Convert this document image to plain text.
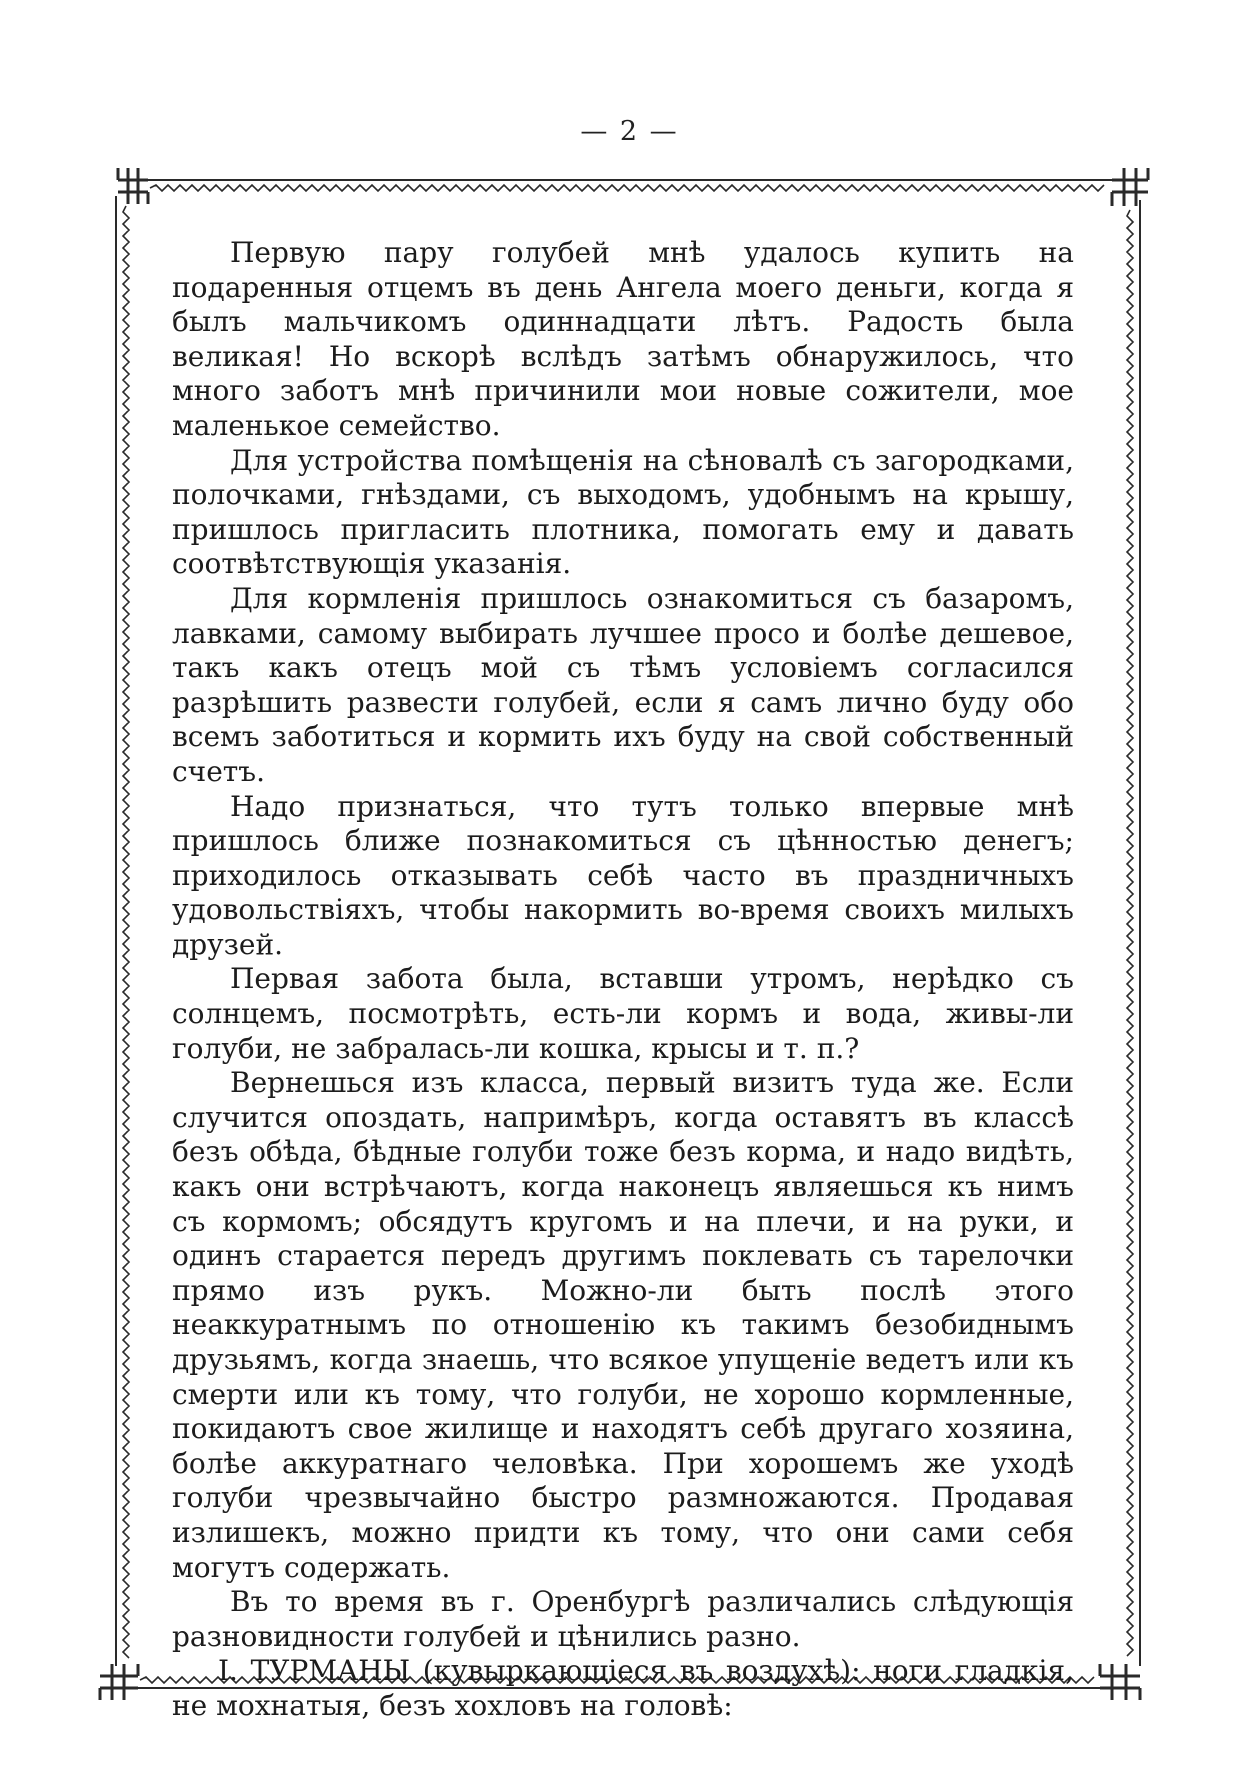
— 2 —

Первую пару голубей мнѣ удалось купить на подаренныя отцемъ въ день Ангела моего деньги, когда я былъ мальчикомъ одиннадцати лѣтъ. Радость была великая! Но вскорѣ вслѣдъ затѣмъ обнаружилось, что много заботъ мнѣ причинили мои новые сожители, мое маленькое семейство.

Для устройства помѣщенія на сѣновалѣ съ загородками, полочками, гнѣздами, съ выходомъ, удобнымъ на крышу, пришлось пригласить плотника, помогать ему и давать соотвѣтствующія указанія.

Для кормленія пришлось ознакомиться съ базаромъ, лавками, самому выбирать лучшее просо и болѣе дешевое, такъ какъ отецъ мой съ тѣмъ условіемъ согласился разрѣшить развести голубей, если я самъ лично буду обо всемъ заботиться и кормить ихъ буду на свой собственный счетъ.

Надо признаться, что тутъ только впервые мнѣ пришлось ближе познакомиться съ цѣнностью денегъ; приходилось отказывать себѣ часто въ праздничныхъ удовольствіяхъ, чтобы накормить во-время своихъ милыхъ друзей.

Первая забота была, вставши утромъ, нерѣдко съ солнцемъ, посмотрѣть, есть-ли кормъ и вода, живы-ли голуби, не забралась-ли кошка, крысы и т. п.?

Вернешься изъ класса, первый визитъ туда же. Если случится опоздать, напримѣръ, когда оставятъ въ классѣ безъ обѣда, бѣдные голуби тоже безъ корма, и надо видѣть, какъ они встрѣчаютъ, когда наконецъ являешься къ нимъ съ кормомъ; обсядутъ кругомъ и на плечи, и на руки, и одинъ старается передъ другимъ поклевать съ тарелочки прямо изъ рукъ. Можно-ли быть послѣ этого неаккуратнымъ по отношенію къ такимъ безобиднымъ друзьямъ, когда знаешь, что всякое упущеніе ведетъ или къ смерти или къ тому, что голуби, не хорошо кормленные, покидаютъ свое жилище и находятъ себѣ другаго хозяина, болѣе аккуратнаго человѣка. При хорошемъ же уходѣ голуби чрезвычайно быстро размножаются. Продавая излишекъ, можно придти къ тому, что они сами себя могутъ содержать.

Въ то время въ г. Оренбургѣ различались слѣдующія разновидности голубей и цѣнились разно.

I. ТУРМАНЫ (кувыркающіеся въ воздухѣ): ноги гладкія, не мохнатыя, безъ хохловъ на головѣ:
